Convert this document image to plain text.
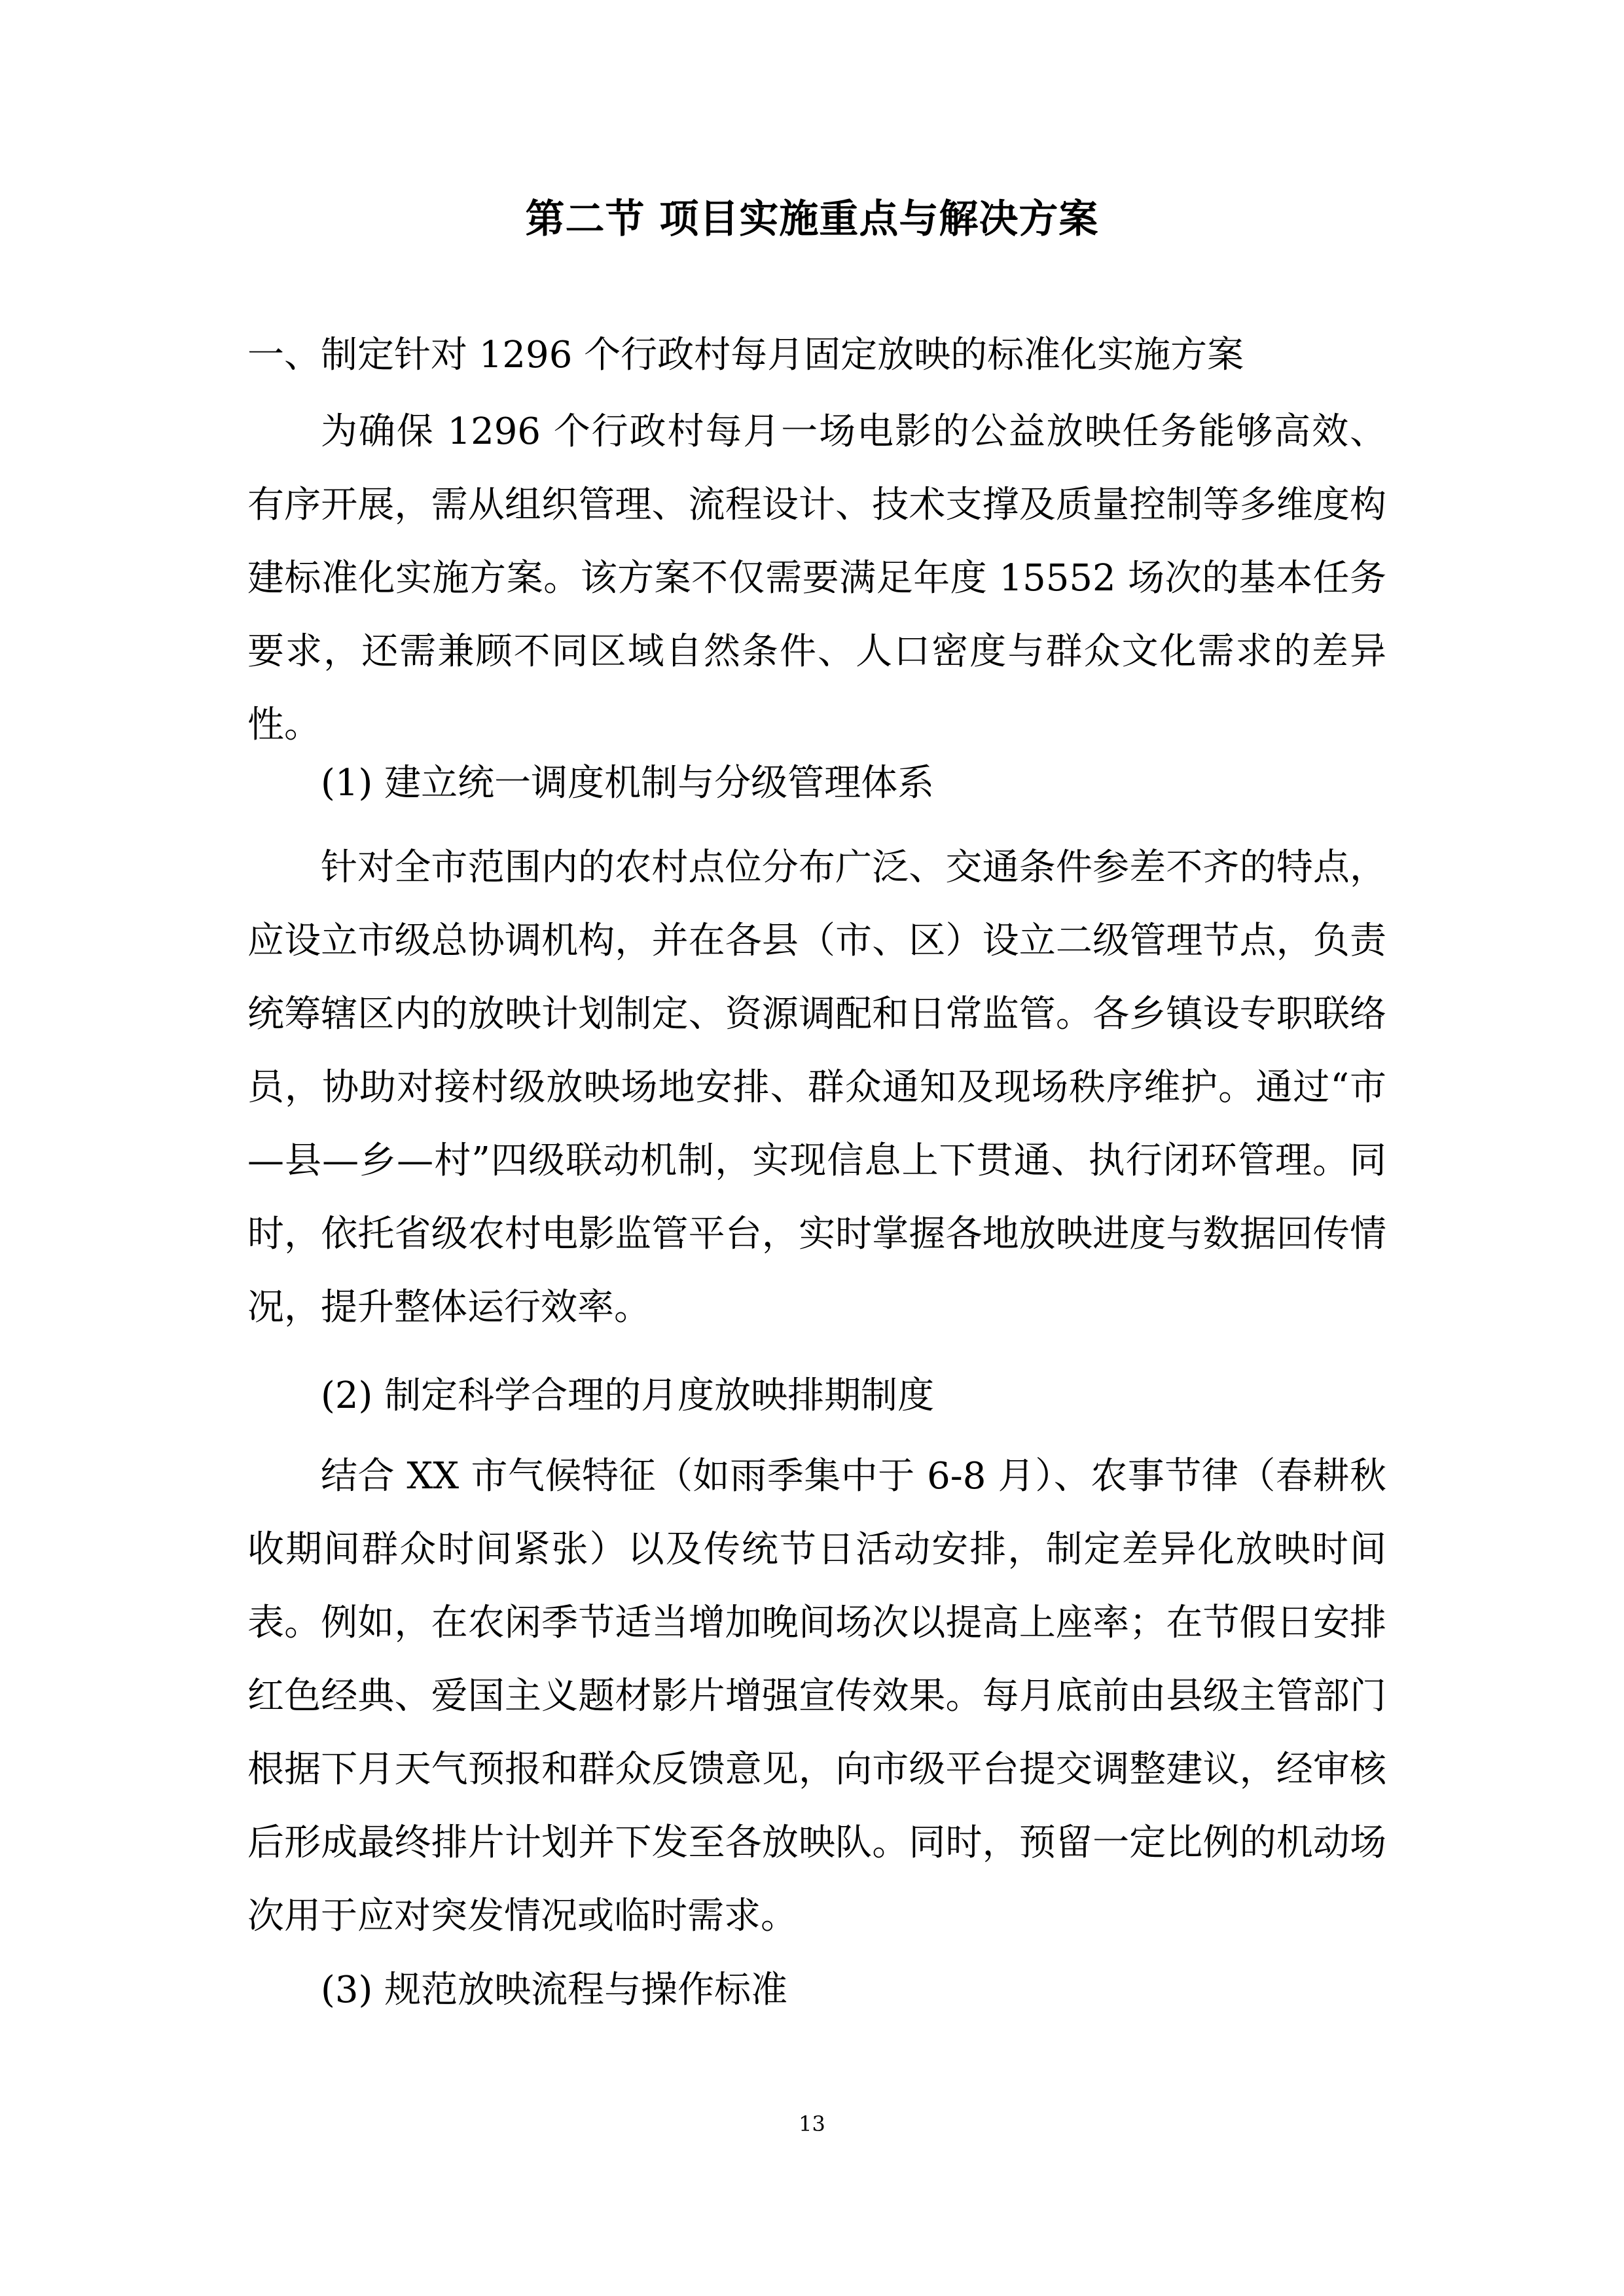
第二节 项目实施重点与解决方案
一、制定针对 1296 个行政村每月固定放映的标准化实施方案

为确保 1296 个行政村每月一场电影的公益放映任务能够高效、有序开展，需从组织管理、流程设计、技术支撑及质量控制等多维度构建标准化实施方案。该方案不仅需要满足年度 15552 场次的基本任务要求，还需兼顾不同区域自然条件、人口密度与群众文化需求的差异性。

(1) 建立统一调度机制与分级管理体系

针对全市范围内的农村点位分布广泛、交通条件参差不齐的特点，应设立市级总协调机构，并在各县（市、区）设立二级管理节点，负责统筹辖区内的放映计划制定、资源调配和日常监管。各乡镇设专职联络员，协助对接村级放映场地安排、群众通知及现场秩序维护。通过“市—县—乡—村”四级联动机制，实现信息上下贯通、执行闭环管理。同时，依托省级农村电影监管平台，实时掌握各地放映进度与数据回传情况，提升整体运行效率。

(2) 制定科学合理的月度放映排期制度

结合 XX 市气候特征（如雨季集中于 6-8 月）、农事节律（春耕秋收期间群众时间紧张）以及传统节日活动安排，制定差异化放映时间表。例如，在农闲季节适当增加晚间场次以提高上座率；在节假日安排红色经典、爱国主义题材影片增强宣传效果。每月底前由县级主管部门根据下月天气预报和群众反馈意见，向市级平台提交调整建议，经审核后形成最终排片计划并下发至各放映队。同时，预留一定比例的机动场次用于应对突发情况或临时需求。

(3) 规范放映流程与操作标准
13
